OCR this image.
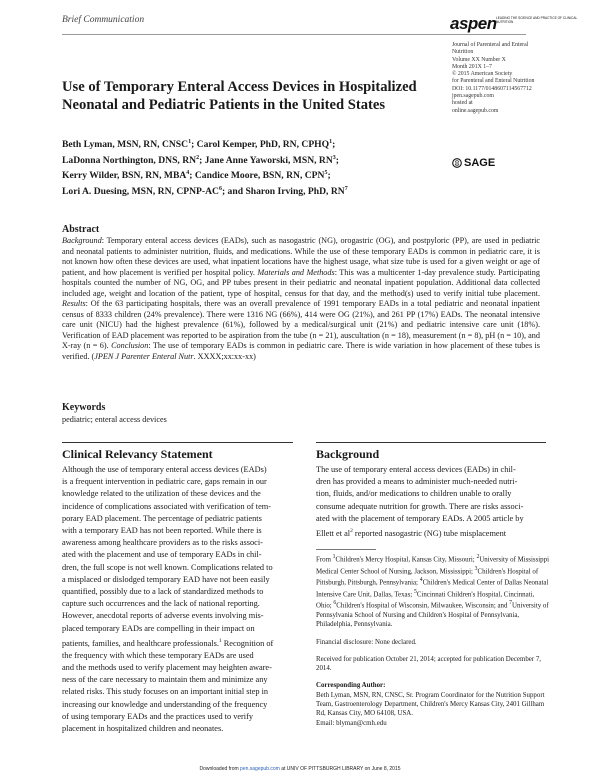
Brief Communication	aspen LEADING THE SCIENCE AND PRACTICE OF CLINICAL NUTRITION
Journal of Parenteral and Enteral
Nutrition
Volume XX Number X
Month 201X 1–7
© 2015 American Society
for Parenteral and Enteral Nutrition
DOI: 10.1177/0148607114567712
jpen.sagepub.com
hosted at
online.sagepub.com
SAGE
Use of Temporary Enteral Access Devices in Hospitalized Neonatal and Pediatric Patients in the United States
Beth Lyman, MSN, RN, CNSC$^1$; Carol Kemper, PhD, RN, CPHQ$^1$;
LaDonna Northington, DNS, $RN^2$; Jane Anne Yaworski, MSN, $RN^3$;
Kerry Wilder, BSN, RN, MBA$^4$; Candice Moore, BSN, RN, CPN$^5$;
Lori A. Duesing, MSN, RN, CPNP-$AC^6$; and Sharon Irving, PhD, $RN^7$
Abstract
Background: Temporary enteral access devices (EADs), such as nasogastric (NG), orogastric (OG), and postpyloric (PP), are used in pediatric and neonatal patients to administer nutrition, fluids, and medications. While the use of these temporary EADs is common in pediatric care, it is not known how often these devices are used, what inpatient locations have the highest usage, what size tube is used for a given weight or age of patient, and how placement is verified per hospital policy. Materials and Methods: This was a multicenter 1-day prevalence study. Participating hospitals counted the number of NG, OG, and PP tubes present in their pediatric and neonatal inpatient population. Additional data collected included age, weight and location of the patient, type of hospital, census for that day, and the method(s) used to verify initial tube placement. Results: Of the 63 participating hospitals, there was an overall prevalence of 1991 temporary EADs in a total pediatric and neonatal inpatient census of 8333 children (24% prevalence). There were 1316 NG (66%), 414 were OG (21%), and 261 PP (17%) EADs. The neonatal intensive care unit (NICU) had the highest prevalence (61%), followed by a medical/surgical unit (21%) and pediatric intensive care unit (18%). Verification of EAD placement was reported to be aspiration from the tube (n = 21), auscultation (n = 18), measurement (n = 8), pH (n = 10), and X-ray (n = 6). Conclusion: The use of temporary EADs is common in pediatric care. There is wide variation in how placement of these tubes is verified. (JPEN J Parenter Enteral Nutr. XXXX;xx:xx-xx)
Keywords
pediatric; enteral access devices
Clinical Relevancy Statement	Background
Although the use of temporary enteral access devices (EADs)
is a frequent intervention in pediatric care, gaps remain in our
knowledge related to the utilization of these devices and the
incidence of complications associated with verification of tem-
porary EAD placement. The percentage of pediatric patients
with a temporary EAD has not been reported. While there is
awareness among healthcare providers as to the risks associ-
ated with the placement and use of temporary EADs in chil-
dren, the full scope is not well known. Complications related to
a misplaced or dislodged temporary EAD have not been easily
quantified, possibly due to a lack of standardized methods to
capture such occurrences and the lack of national reporting.
However, anecdotal reports of adverse events involving mis-
placed temporary EADs are compelling in their impact on
patients, families, and healthcare professionals.$^1$ Recognition of
the frequency with which these temporary EADs are used
and the methods used to verify placement may heighten aware-
ness of the care necessary to maintain them and minimize any
related risks. This study focuses on an important initial step in
increasing our knowledge and understanding of the frequency
of using temporary EADs and the practices used to verify
placement in hospitalized children and neonates.
The use of temporary enteral access devices (EADs) in chil-
dren has provided a means to administer much-needed nutri-
tion, fluids, and/or medications to children unable to orally
consume adequate nutrition for growth. There are risks associ-
ated with the placement of temporary EADs. A 2005 article by
Ellett et $al^2$ reported nasogastric (NG) tube misplacement
From $^1$Children's Mercy Hospital, Kansas City, Missouri; $^2$University of Mississippi Medical Center School of Nursing, Jackson, Mississippi; $^3$Children's Hospital of Pittsburgh, Pittsburgh, Pennsylvania; $^4$Children's Medical Center of Dallas Neonatal Intensive Care Unit, Dallas, Texas; $^5$Cincinnati Children's Hospital, Cincinnati, Ohio; $^6$Children's Hospital of Wisconsin, Milwaukee, Wisconsin; and $^7$University of Pennsylvania School of Nursing and Children's Hospital of Pennsylvania, Philadelphia, Pennsylvania.
Financial disclosure: None declared.
Received for publication October 21, 2014; accepted for publication December 7, 2014.
Corresponding Author:
Beth Lyman, MSN, RN, CNSC, Sr. Program Coordinator for the Nutrition Support Team, Gastroenterology Department, Children's Mercy Kansas City, 2401 Gillham Rd, Kansas City, MO 64108, USA.
Email: blyman@cmh.edu
Downloaded from pen.sagepub.com at UNIV OF PITTSBURGH LIBRARY on June 8, 2015
